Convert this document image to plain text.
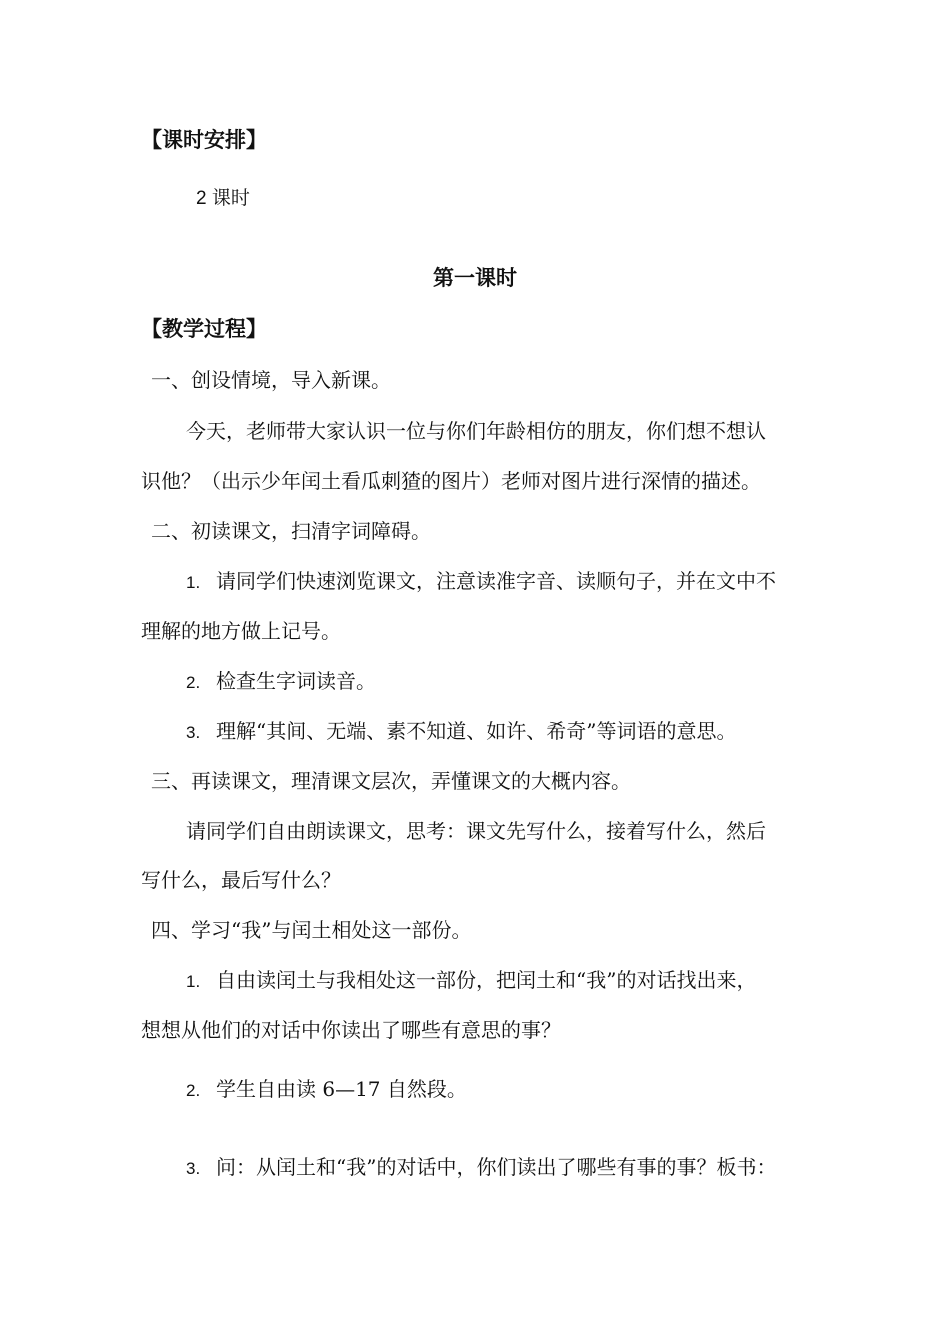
【课时安排】
2 课时
第一课时
【教学过程】
一、创设情境，导入新课。
今天，老师带大家认识一位与你们年龄相仿的朋友，你们想不想认
识他？（出示少年闰土看瓜刺猹的图片）老师对图片进行深情的描述。
二、初读课文，扫清字词障碍。
1. 请同学们快速浏览课文，注意读准字音、读顺句子，并在文中不
理解的地方做上记号。
2. 检查生字词读音。
3. 理解“其间、无端、素不知道、如许、希奇”等词语的意思。
三、再读课文，理清课文层次，弄懂课文的大概内容。
请同学们自由朗读课文，思考：课文先写什么，接着写什么，然后
写什么，最后写什么？
四、学习“我”与闰土相处这一部份。
1. 自由读闰土与我相处这一部份，把闰土和“我”的对话找出来，
想想从他们的对话中你读出了哪些有意思的事？
2. 学生自由读 6—17 自然段。
3. 问：从闰土和“我”的对话中，你们读出了哪些有事的事？板书：
